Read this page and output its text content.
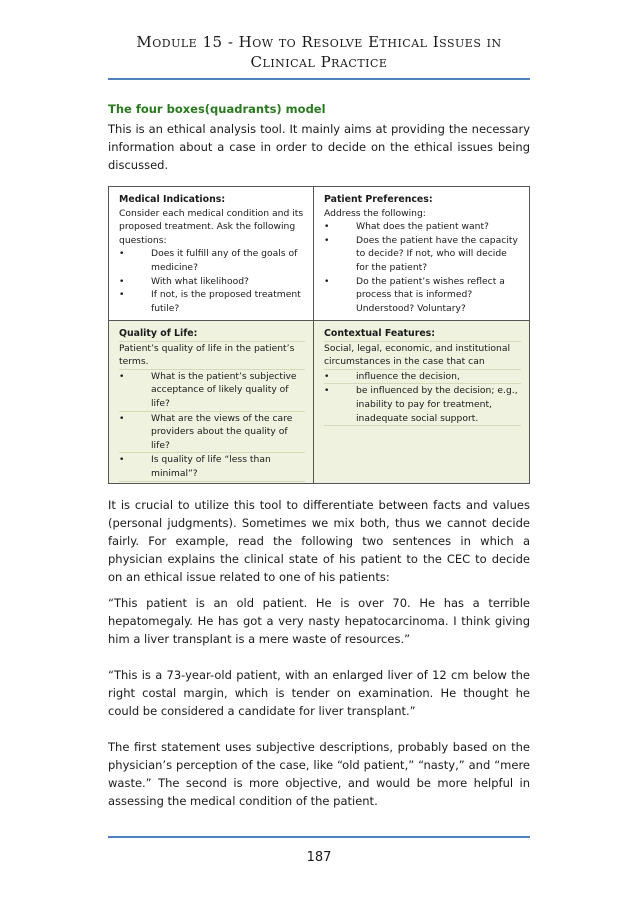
Module 15 - How to Resolve Ethical Issues in
Clinical Practice
The four boxes(quadrants) model
This is an ethical analysis tool. It mainly aims at providing the necessary information about a case in order to decide on the ethical issues being discussed.
Medical Indications:
Consider each medical condition and its proposed treatment. Ask the following questions:
• Does it fulfill any of the goals of medicine?
• With what likelihood?
• If not, is the proposed treatment futile?
Patient Preferences:
Address the following:
• What does the patient want?
• Does the patient have the capacity to decide? If not, who will decide for the patient?
• Do the patient’s wishes reflect a process that is informed? Understood? Voluntary?
Quality of Life:
Patient’s quality of life in the patient’s terms.
• What is the patient’s subjective acceptance of likely quality of life?
• What are the views of the care providers about the quality of life?
• Is quality of life “less than minimal”?
Contextual Features:
Social, legal, economic, and institutional circumstances in the case that can
• influence the decision,
• be influenced by the decision; e.g., inability to pay for treatment, inadequate social support.
It is crucial to utilize this tool to differentiate between facts and values (personal judgments). Sometimes we mix both, thus we cannot decide fairly. For example, read the following two sentences in which a physician explains the clinical state of his patient to the CEC to decide on an ethical issue related to one of his patients:
“This patient is an old patient. He is over 70. He has a terrible hepatomegaly. He has got a very nasty hepatocarcinoma. I think giving him a liver transplant is a mere waste of resources.”
“This is a 73-year-old patient, with an enlarged liver of 12 cm below the right costal margin, which is tender on examination. He thought he could be considered a candidate for liver transplant.”
The first statement uses subjective descriptions, probably based on the physician’s perception of the case, like “old patient,” “nasty,” and “mere waste.” The second is more objective, and would be more helpful in assessing the medical condition of the patient.
187
